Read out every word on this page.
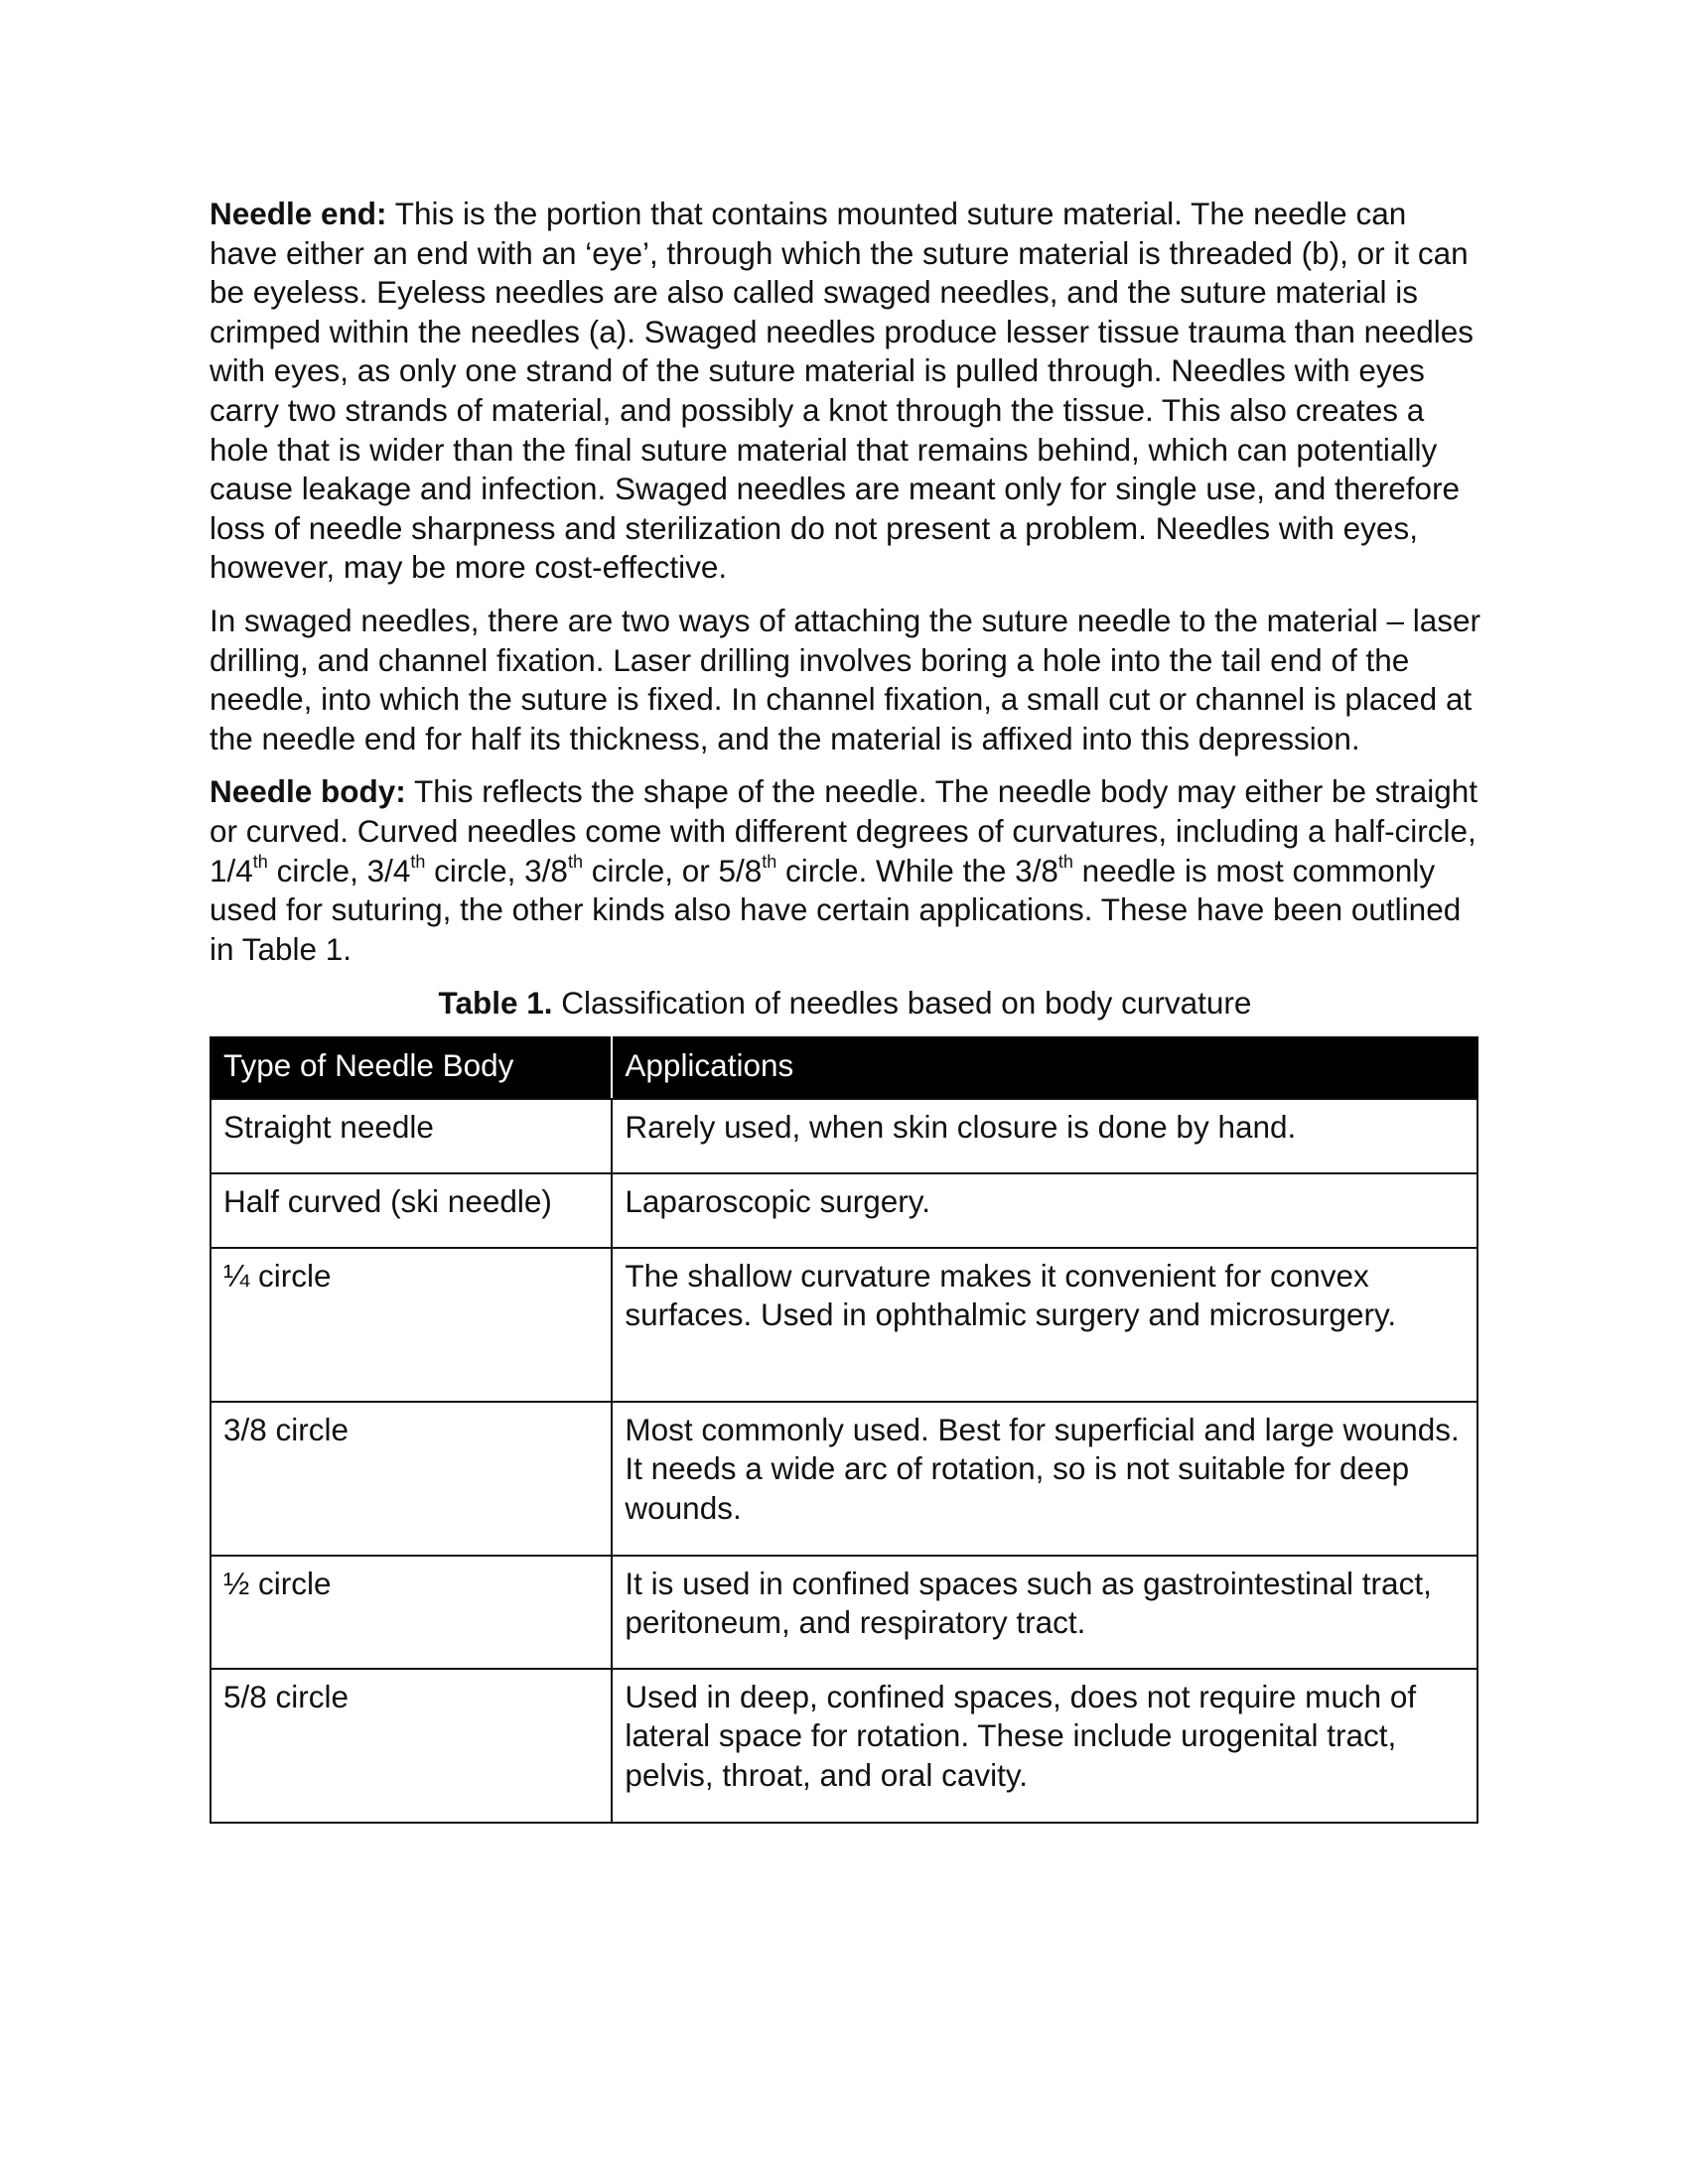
Needle end: This is the portion that contains mounted suture material. The needle can have either an end with an ‘eye’, through which the suture material is threaded (b), or it can be eyeless. Eyeless needles are also called swaged needles, and the suture material is crimped within the needles (a). Swaged needles produce lesser tissue trauma than needles with eyes, as only one strand of the suture material is pulled through. Needles with eyes carry two strands of material, and possibly a knot through the tissue. This also creates a hole that is wider than the final suture material that remains behind, which can potentially cause leakage and infection. Swaged needles are meant only for single use, and therefore loss of needle sharpness and sterilization do not present a problem. Needles with eyes, however, may be more cost-effective.

In swaged needles, there are two ways of attaching the suture needle to the material – laser drilling, and channel fixation. Laser drilling involves boring a hole into the tail end of the needle, into which the suture is fixed. In channel fixation, a small cut or channel is placed at the needle end for half its thickness, and the material is affixed into this depression.

Needle body: This reflects the shape of the needle. The needle body may either be straight or curved. Curved needles come with different degrees of curvatures, including a half-circle, 1/4th circle, 3/4th circle, 3/8th circle, or 5/8th circle. While the 3/8th needle is most commonly used for suturing, the other kinds also have certain applications. These have been outlined in Table 1.

Table 1. Classification of needles based on body curvature
Type of Needle Body	Applications
Straight needle	Rarely used, when skin closure is done by hand.
Half curved (ski needle)	Laparoscopic surgery.
¼ circle	The shallow curvature makes it convenient for convex surfaces. Used in ophthalmic surgery and microsurgery.
3/8 circle	Most commonly used. Best for superficial and large wounds. It needs a wide arc of rotation, so is not suitable for deep wounds.
½ circle	It is used in confined spaces such as gastrointestinal tract, peritoneum, and respiratory tract.
5/8 circle	Used in deep, confined spaces, does not require much of lateral space for rotation. These include urogenital tract, pelvis, throat, and oral cavity.
